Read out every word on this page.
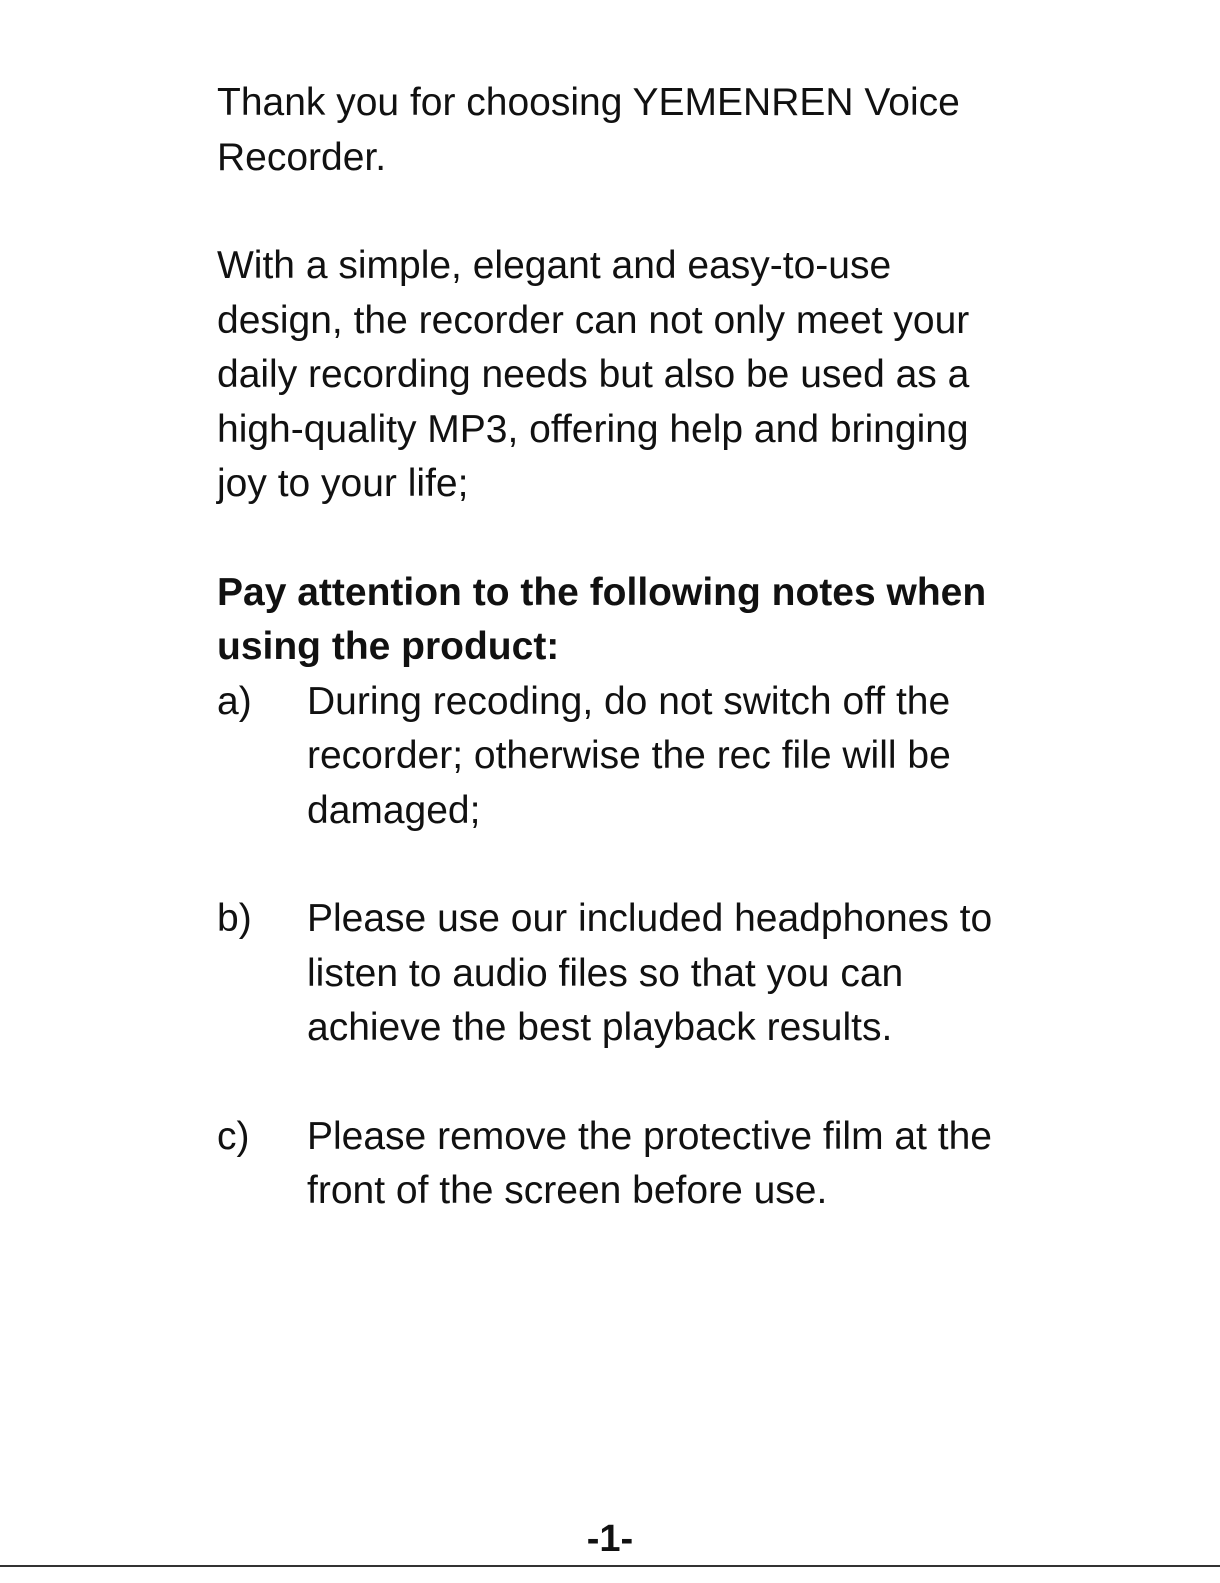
Thank you for choosing YEMENREN Voice Recorder.

With a simple, elegant and easy-to-use design, the recorder can not only meet your daily recording needs but also be used as a high-quality MP3, offering help and bringing joy to your life;

Pay attention to the following notes when using the product:

a)	During recoding, do not switch off the recorder; otherwise the rec file will be damaged;
b)	Please use our included headphones to listen to audio files so that you can achieve the best playback results.
c)	Please remove the protective film at the front of the screen before use.
-1-
